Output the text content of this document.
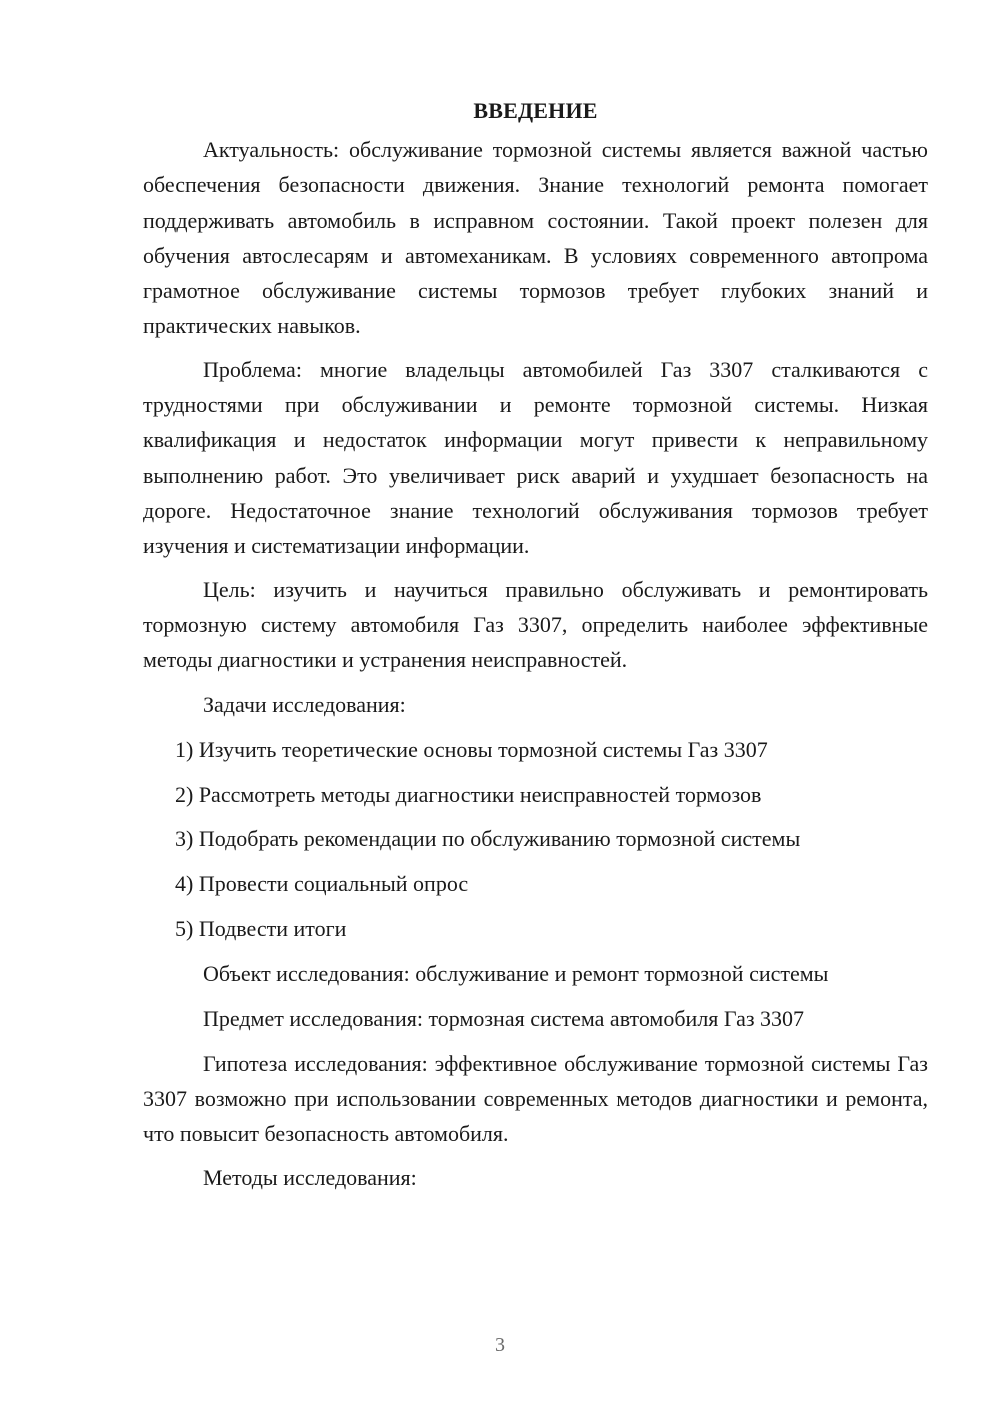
ВВЕДЕНИЕ

Актуальность: обслуживание тормозной системы является важной частью обеспечения безопасности движения. Знание технологий ремонта помогает поддерживать автомобиль в исправном состоянии. Такой проект полезен для обучения автослесарям и автомеханикам. В условиях современного автопрома грамотное обслуживание системы тормозов требует глубоких знаний и практических навыков.

Проблема: многие владельцы автомобилей Газ 3307 сталкиваются с трудностями при обслуживании и ремонте тормозной системы. Низкая квалификация и недостаток информации могут привести к неправильному выполнению работ. Это увеличивает риск аварий и ухудшает безопасность на дороге. Недостаточное знание технологий обслуживания тормозов требует изучения и систематизации информации.

Цель: изучить и научиться правильно обслуживать и ремонтировать тормозную систему автомобиля Газ 3307, определить наиболее эффективные методы диагностики и устранения неисправностей.

Задачи исследования:

1) Изучить теоретические основы тормозной системы Газ 3307
2) Рассмотреть методы диагностики неисправностей тормозов
3) Подобрать рекомендации по обслуживанию тормозной системы
4) Провести социальный опрос
5) Подвести итоги

Объект исследования: обслуживание и ремонт тормозной системы

Предмет исследования: тормозная система автомобиля Газ 3307

Гипотеза исследования: эффективное обслуживание тормозной системы Газ 3307 возможно при использовании современных методов диагностики и ремонта, что повысит безопасность автомобиля.

Методы исследования:

3
